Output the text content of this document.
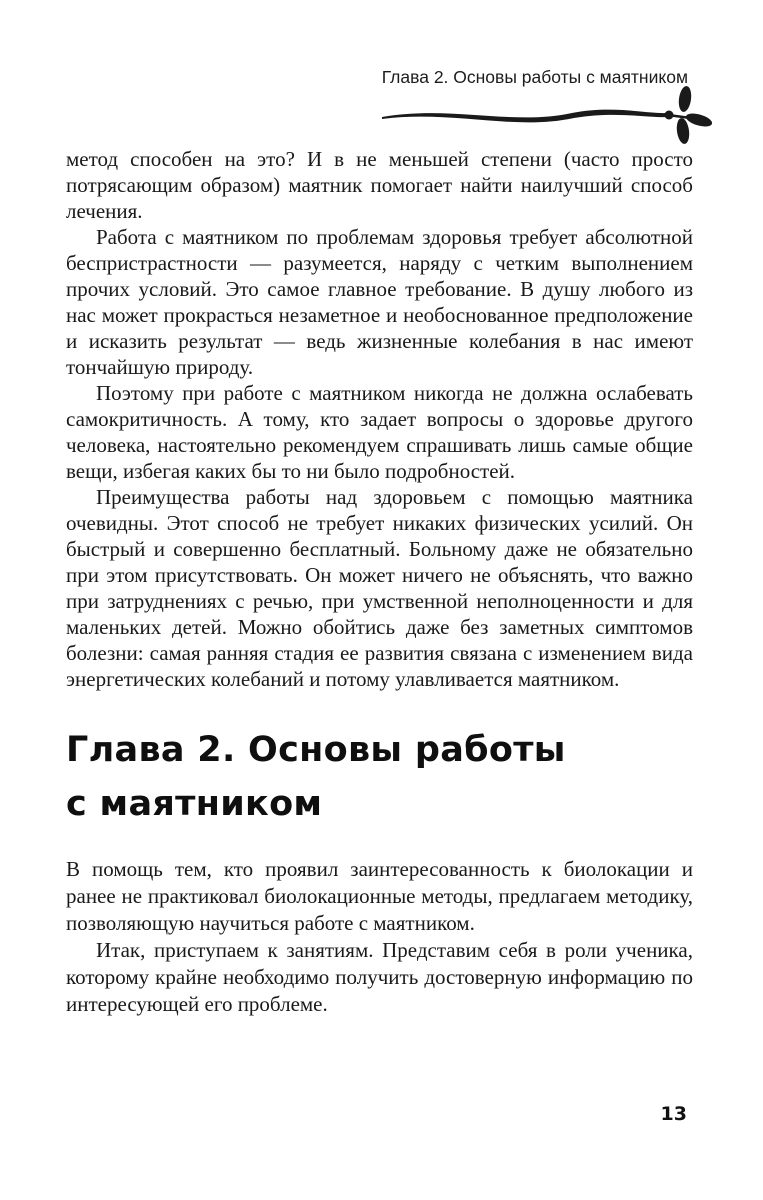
Глава 2. Основы работы с маятником

метод способен на это? И в не меньшей степени (часто просто потрясающим образом) маятник помогает найти наилучший способ лечения.

Работа с маятником по проблемам здоровья требует абсолютной беспристрастности — разумеется, наряду с четким выполнением прочих условий. Это самое главное требование. В душу любого из нас может прокрасться незаметное и необоснованное предположение и исказить результат — ведь жизненные колебания в нас имеют тончайшую природу.

Поэтому при работе с маятником никогда не должна ослабевать самокритичность. А тому, кто задает вопросы о здоровье другого человека, настоятельно рекомендуем спрашивать лишь самые общие вещи, избегая каких бы то ни было подробностей.

Преимущества работы над здоровьем с помощью маятника очевидны. Этот способ не требует никаких физических усилий. Он быстрый и совершенно бесплатный. Больному даже не обязательно при этом присутствовать. Он может ничего не объяснять, что важно при затруднениях с речью, при умственной неполноценности и для маленьких детей. Можно обойтись даже без заметных симптомов болезни: самая ранняя стадия ее развития связана с изменением вида энергетических колебаний и потому улавливается маятником.

Глава 2. Основы работы
с маятником

В помощь тем, кто проявил заинтересованность к биолокации и ранее не практиковал биолокационные методы, предлагаем методику, позволяющую научиться работе с маятником.

Итак, приступаем к занятиям. Представим себя в роли ученика, которому крайне необходимо получить достоверную информацию по интересующей его проблеме.

13
